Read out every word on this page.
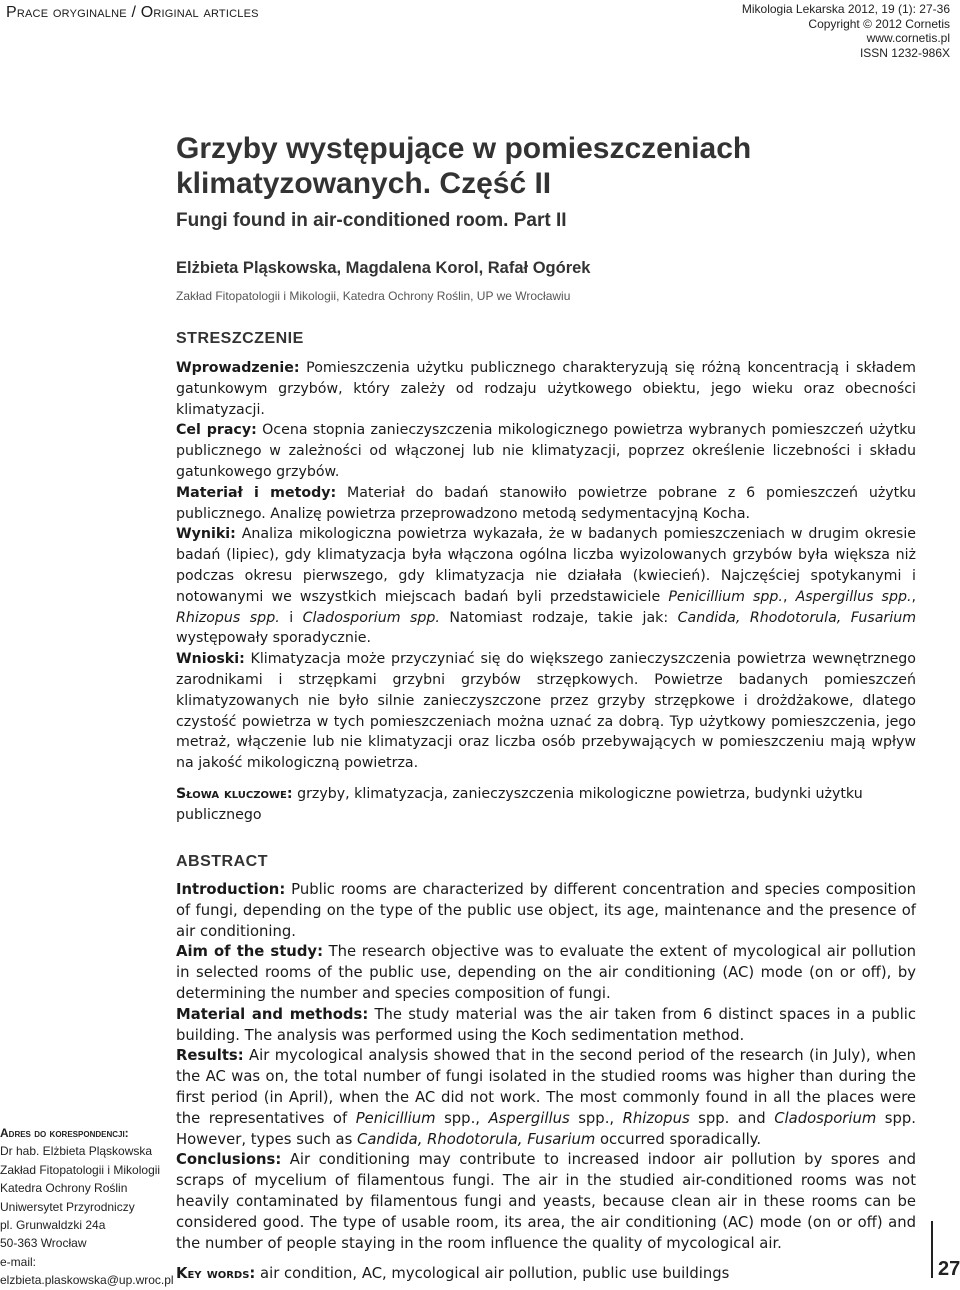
Prace oryginalne / Original articles	Mikologia Lekarska 2012, 19 (1): 27-36
Copyright © 2012 Cornetis
www.cornetis.pl
ISSN 1232-986X
Grzyby występujące w pomieszczeniach klimatyzowanych. Część II
Fungi found in air-conditioned room. Part II
Elżbieta Pląskowska, Magdalena Korol, Rafał Ogórek
Zakład Fitopatologii i Mikologii, Katedra Ochrony Roślin, UP we Wrocławiu
STRESZCZENIE

Wprowadzenie: Pomieszczenia użytku publicznego charakteryzują się różną koncentracją i składem gatunkowym grzybów, który zależy od rodzaju użytkowego obiektu, jego wieku oraz obecności klimatyzacji.

Cel pracy: Ocena stopnia zanieczyszczenia mikologicznego powietrza wybranych pomieszczeń użytku publicznego w zależności od włączonej lub nie klimatyzacji, poprzez określenie liczebności i składu gatunkowego grzybów.

Materiał i metody: Materiał do badań stanowiło powietrze pobrane z 6 pomieszczeń użytku publicznego. Analizę powietrza przeprowadzono metodą sedymentacyjną Kocha.

Wyniki: Analiza mikologiczna powietrza wykazała, że w badanych pomieszczeniach w drugim okresie badań (lipiec), gdy klimatyzacja była włączona ogólna liczba wyizolowanych grzybów była większa niż podczas okresu pierwszego, gdy klimatyzacja nie działała (kwiecień). Najczęściej spotykanymi i notowanymi we wszystkich miejscach badań byli przedstawiciele Penicillium spp., Aspergillus spp., Rhizopus spp. i Cladosporium spp. Natomiast rodzaje, takie jak: Candida, Rhodotorula, Fusarium występowały sporadycznie.

Wnioski: Klimatyzacja może przyczyniać się do większego zanieczyszczenia powietrza wewnętrznego zarodnikami i strzępkami grzybni grzybów strzępkowych. Powietrze badanych pomieszczeń klimatyzowanych nie było silnie zanieczyszczone przez grzyby strzępkowe i drożdżakowe, dlatego czystość powietrza w tych pomieszczeniach można uznać za dobrą. Typ użytkowy pomieszczenia, jego metraż, włączenie lub nie klimatyzacji oraz liczba osób przebywających w pomieszczeniu mają wpływ na jakość mikologiczną powietrza.

Słowa kluczowe: grzyby, klimatyzacja, zanieczyszczenia mikologiczne powietrza, budynki użytku publicznego
ABSTRACT

Introduction: Public rooms are characterized by different concentration and species composition of fungi, depending on the type of the public use object, its age, maintenance and the presence of air conditioning.

Aim of the study: The research objective was to evaluate the extent of mycological air pollution in selected rooms of the public use, depending on the air conditioning (AC) mode (on or off), by determining the number and species composition of fungi.

Material and methods: The study material was the air taken from 6 distinct spaces in a public building. The analysis was performed using the Koch sedimentation method.

Results: Air mycological analysis showed that in the second period of the research (in July), when the AC was on, the total number of fungi isolated in the studied rooms was higher than during the first period (in April), when the AC did not work. The most commonly found in all the places were the representatives of Penicillium spp., Aspergillus spp., Rhizopus spp. and Cladosporium spp. However, types such as Candida, Rhodotorula, Fusarium occurred sporadically.

Conclusions: Air conditioning may contribute to increased indoor air pollution by spores and scraps of mycelium of filamentous fungi. The air in the studied air-conditioned rooms was not heavily contaminated by filamentous fungi and yeasts, because clean air in these rooms can be considered good. The type of usable room, its area, the air conditioning (AC) mode (on or off) and the number of people staying in the room influence the quality of mycological air.

Key words: air condition, AC, mycological air pollution, public use buildings
Adres do korespondencji:
Dr hab. Elżbieta Pląskowska
Zakład Fitopatologii i Mikologii
Katedra Ochrony Roślin
Uniwersytet Przyrodniczy
pl. Grunwaldzki 24a
50-363 Wrocław
e-mail:
elzbieta.plaskowska@up.wroc.pl
27
